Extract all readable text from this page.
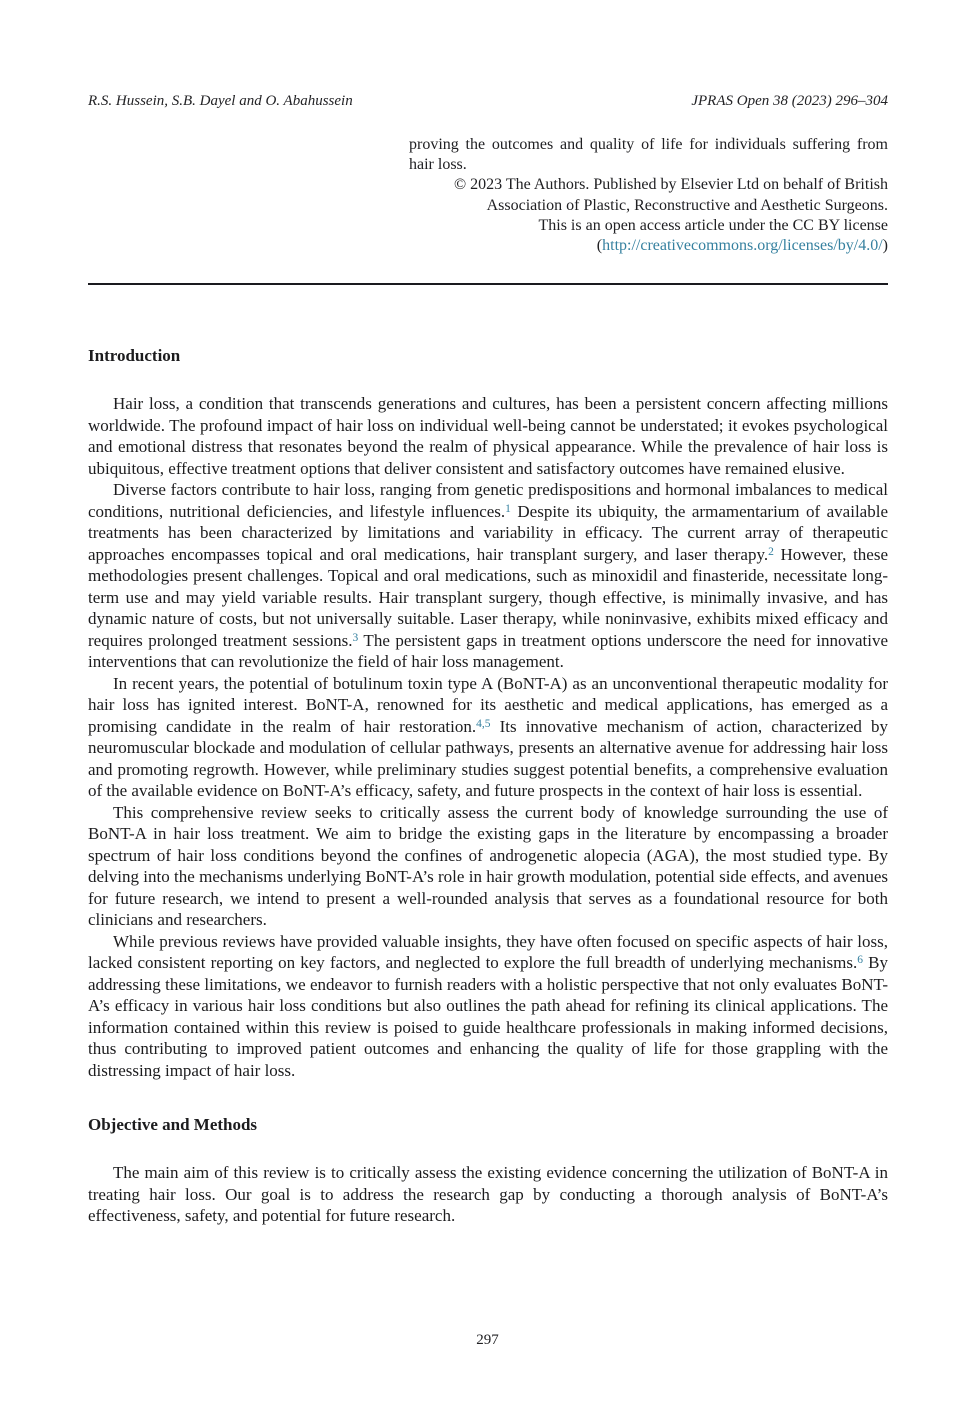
R.S. Hussein, S.B. Dayel and O. Abahussein	JPRAS Open 38 (2023) 296–304

proving the outcomes and quality of life for individuals suffering from hair loss.

© 2023 The Authors. Published by Elsevier Ltd on behalf of British Association of Plastic, Reconstructive and Aesthetic Surgeons.

This is an open access article under the CC BY license

(http://creativecommons.org/licenses/by/4.0/)

Introduction

Hair loss, a condition that transcends generations and cultures, has been a persistent concern affecting millions worldwide. The profound impact of hair loss on individual well-being cannot be understated; it evokes psychological and emotional distress that resonates beyond the realm of physical appearance. While the prevalence of hair loss is ubiquitous, effective treatment options that deliver consistent and satisfactory outcomes have remained elusive.

Diverse factors contribute to hair loss, ranging from genetic predispositions and hormonal imbalances to medical conditions, nutritional deficiencies, and lifestyle influences.$^1$ Despite its ubiquity, the armamentarium of available treatments has been characterized by limitations and variability in efficacy. The current array of therapeutic approaches encompasses topical and oral medications, hair transplant surgery, and laser therapy.$^2$ However, these methodologies present challenges. Topical and oral medications, such as minoxidil and finasteride, necessitate long-term use and may yield variable results. Hair transplant surgery, though effective, is minimally invasive, and has dynamic nature of costs, but not universally suitable. Laser therapy, while noninvasive, exhibits mixed efficacy and requires prolonged treatment sessions.$^3$ The persistent gaps in treatment options underscore the need for innovative interventions that can revolutionize the field of hair loss management.

In recent years, the potential of botulinum toxin type A (BoNT-A) as an unconventional therapeutic modality for hair loss has ignited interest. BoNT-A, renowned for its aesthetic and medical applications, has emerged as a promising candidate in the realm of hair restoration.$^{4,5}$ Its innovative mechanism of action, characterized by neuromuscular blockade and modulation of cellular pathways, presents an alternative avenue for addressing hair loss and promoting regrowth. However, while preliminary studies suggest potential benefits, a comprehensive evaluation of the available evidence on BoNT-A’s efficacy, safety, and future prospects in the context of hair loss is essential.

This comprehensive review seeks to critically assess the current body of knowledge surrounding the use of BoNT-A in hair loss treatment. We aim to bridge the existing gaps in the literature by encompassing a broader spectrum of hair loss conditions beyond the confines of androgenetic alopecia (AGA), the most studied type. By delving into the mechanisms underlying BoNT-A’s role in hair growth modulation, potential side effects, and avenues for future research, we intend to present a well-rounded analysis that serves as a foundational resource for both clinicians and researchers.

While previous reviews have provided valuable insights, they have often focused on specific aspects of hair loss, lacked consistent reporting on key factors, and neglected to explore the full breadth of underlying mechanisms.$^6$ By addressing these limitations, we endeavor to furnish readers with a holistic perspective that not only evaluates BoNT-A’s efficacy in various hair loss conditions but also outlines the path ahead for refining its clinical applications. The information contained within this review is poised to guide healthcare professionals in making informed decisions, thus contributing to improved patient outcomes and enhancing the quality of life for those grappling with the distressing impact of hair loss.

Objective and Methods

The main aim of this review is to critically assess the existing evidence concerning the utilization of BoNT-A in treating hair loss. Our goal is to address the research gap by conducting a thorough analysis of BoNT-A’s effectiveness, safety, and potential for future research.

297
